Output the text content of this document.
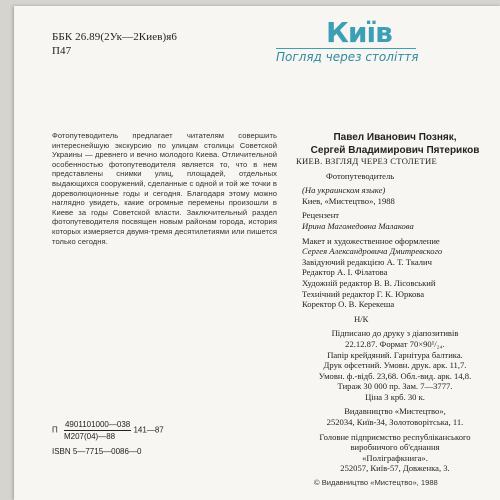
ББК 26.89(2Ук—2Киев)я6
П47
Київ
Погляд через століття
Фотопутеводитель предлагает читателям совершить интереснейшую экскурсию по улицам столицы Советской Украины — древнего и вечно молодого Киева. Отличительной особенностью фотопутеводителя является то, что в нем представлены снимки улиц, площадей, отдельных выдающихся сооружений, сделанные с одной и той же точки в дореволюционные годы и сегодня. Благодаря этому можно наглядно увидеть, какие огромные перемены произошли в Киеве за годы Советской власти. Заключительный раздел фотопутеводителя посвящен новым районам города, история которых измеряется двумя-тремя десятилетиями или пишется только сегодня.
Павел Иванович Позняк,
Сергей Владимирович Пятериков
КИЕВ. ВЗГЛЯД ЧЕРЕЗ СТОЛЕТИЕ
Фотопутеводитель
(На украинском языке)
Киев, «Мистецтво», 1988
Рецензент
Ирина Магомедовна Малакова
Макет и художественное оформление
Сергея Александровича Дмитревского
Завідуючий редакцією А. Т. Ткалич
Редактор А. І. Філатова
Художній редактор В. В. Лісовський
Технічний редактор Г. К. Юркова
Коректор О. В. Керекеша
Н/К
Підписано до друку з діапозитивів
22.12.87. Формат 70×90¹/₂₄.
Папір крейдяний. Гарнітура балтика.
Друк офсетний. Умовн. друк. арк. 11,7.
Умовн. ф.-відб. 23,68. Обл.-вид. арк. 14,8.
Тираж 30 000 пр. Зам. 7—3777.
Ціна 3 крб. 30 к.
Видавництво «Мистецтво»,
252034, Київ-34, Золотоворітська, 11.
Головне підприємство республіканського
виробничого об'єднання
«Поліграфкнига».
252057, Київ-57, Довженка, 3.
П $\frac{4901101000—038}{М207(04)—88}$ 141—87
ISBN 5—7715—0086—0
© Видавництво «Мистецтво», 1988
